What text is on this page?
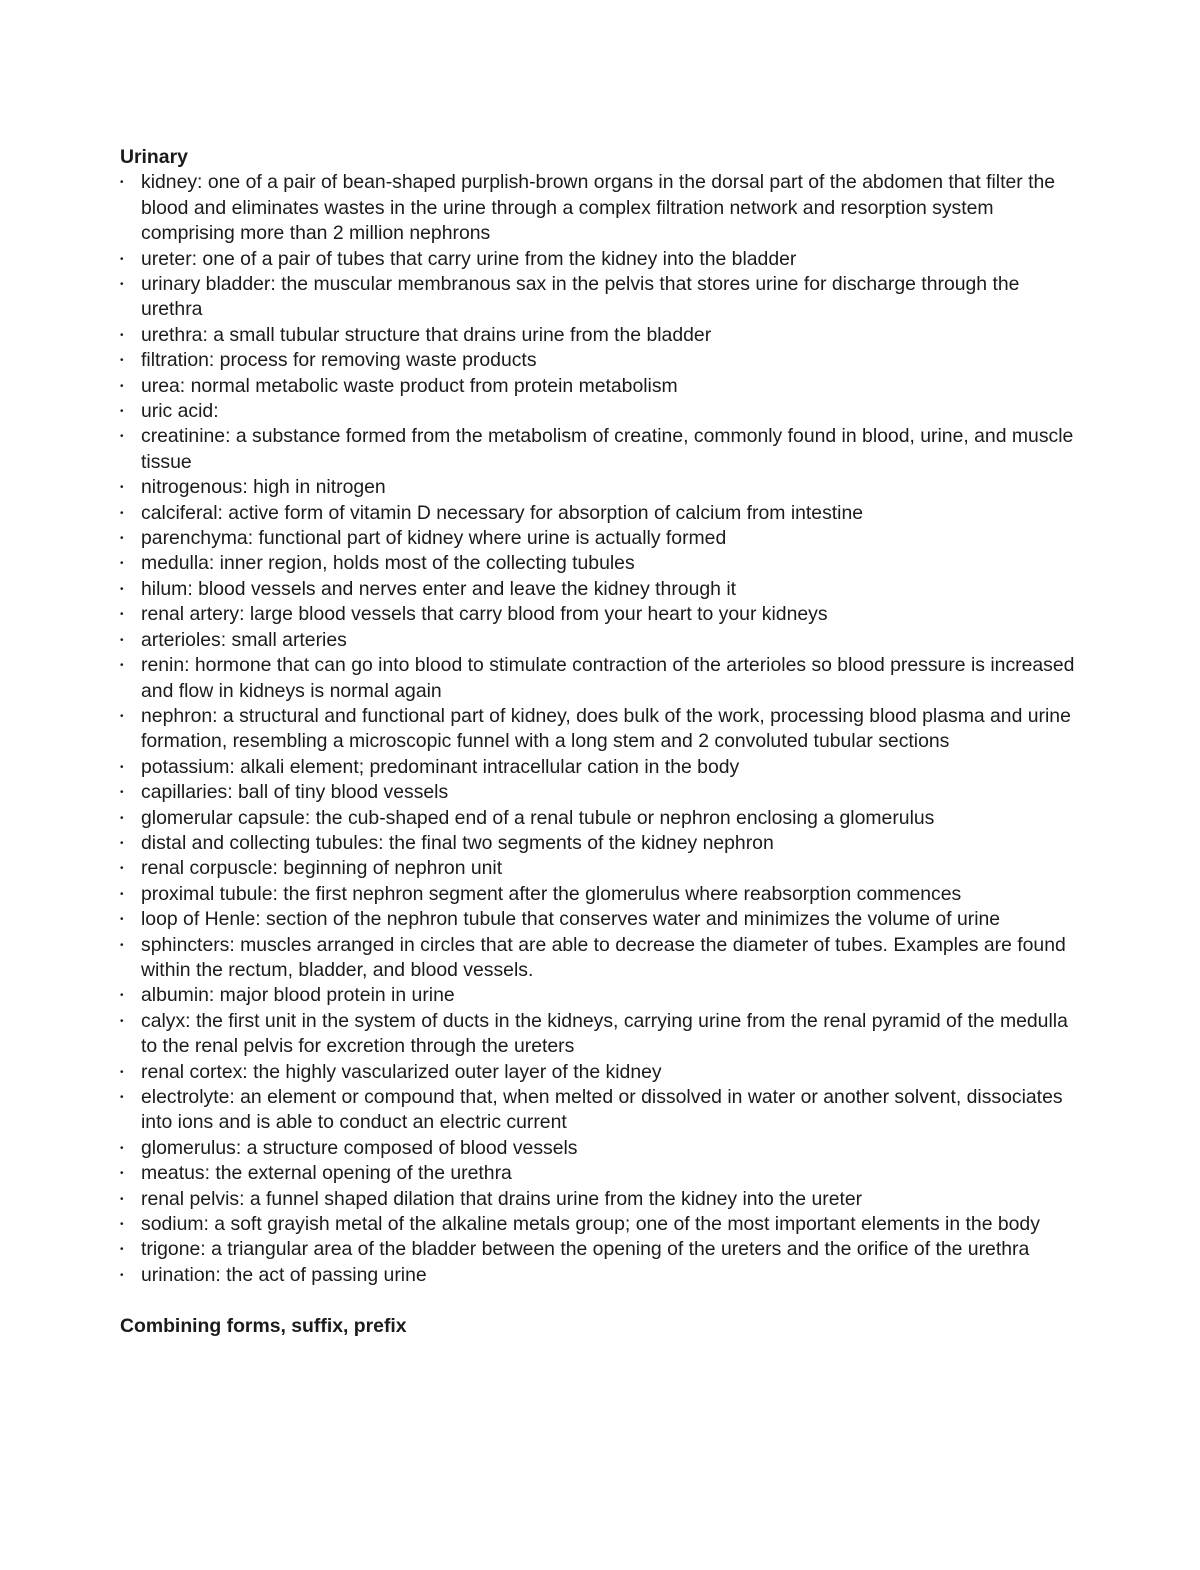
Urinary
• kidney: one of a pair of bean-shaped purplish-brown organs in the dorsal part of the abdomen that filter the blood and eliminates wastes in the urine through a complex filtration network and resorption system comprising more than 2 million nephrons
• ureter: one of a pair of tubes that carry urine from the kidney into the bladder
• urinary bladder: the muscular membranous sax in the pelvis that stores urine for discharge through the urethra
• urethra: a small tubular structure that drains urine from the bladder
• filtration: process for removing waste products
• urea: normal metabolic waste product from protein metabolism
• uric acid:
• creatinine: a substance formed from the metabolism of creatine, commonly found in blood, urine, and muscle tissue
• nitrogenous: high in nitrogen
• calciferal: active form of vitamin D necessary for absorption of calcium from intestine
• parenchyma: functional part of kidney where urine is actually formed
• medulla: inner region, holds most of the collecting tubules
• hilum: blood vessels and nerves enter and leave the kidney through it
• renal artery: large blood vessels that carry blood from your heart to your kidneys
• arterioles: small arteries
• renin: hormone that can go into blood to stimulate contraction of the arterioles so blood pressure is increased and flow in kidneys is normal again
• nephron: a structural and functional part of kidney, does bulk of the work, processing blood plasma and urine formation, resembling a microscopic funnel with a long stem and 2 convoluted tubular sections
• potassium: alkali element; predominant intracellular cation in the body
• capillaries: ball of tiny blood vessels
• glomerular capsule: the cub-shaped end of a renal tubule or nephron enclosing a glomerulus
• distal and collecting tubules: the final two segments of the kidney nephron
• renal corpuscle: beginning of nephron unit
• proximal tubule: the first nephron segment after the glomerulus where reabsorption commences
• loop of Henle: section of the nephron tubule that conserves water and minimizes the volume of urine
• sphincters: muscles arranged in circles that are able to decrease the diameter of tubes. Examples are found within the rectum, bladder, and blood vessels.
• albumin: major blood protein in urine
• calyx: the first unit in the system of ducts in the kidneys, carrying urine from the renal pyramid of the medulla to the renal pelvis for excretion through the ureters
• renal cortex: the highly vascularized outer layer of the kidney
• electrolyte: an element or compound that, when melted or dissolved in water or another solvent, dissociates into ions and is able to conduct an electric current
• glomerulus: a structure composed of blood vessels
• meatus: the external opening of the urethra
• renal pelvis: a funnel shaped dilation that drains urine from the kidney into the ureter
• sodium: a soft grayish metal of the alkaline metals group; one of the most important elements in the body
• trigone: a triangular area of the bladder between the opening of the ureters and the orifice of the urethra
• urination: the act of passing urine
Combining forms, suffix, prefix
